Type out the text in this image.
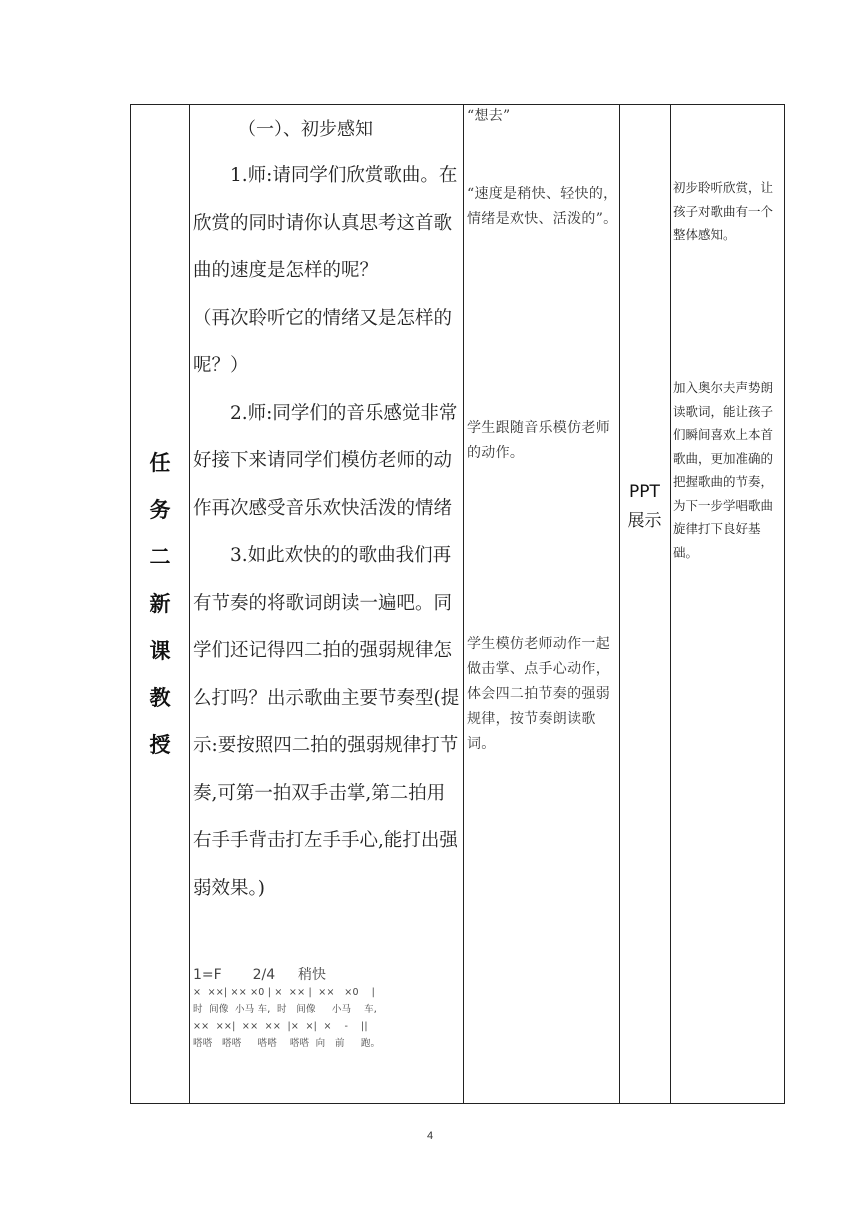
任
务
二
新
课
教
授
（一）、初步感知

1.师:请同学们欣赏歌曲。在欣赏的同时请你认真思考这首歌曲的速度是怎样的呢？

（再次聆听它的情绪又是怎样的呢？）

2.师:同学们的音乐感觉非常好接下来请同学们模仿老师的动作再次感受音乐欢快活泼的情绪

3.如此欢快的的歌曲我们再有节奏的将歌词朗读一遍吧。同学们还记得四二拍的强弱规律怎么打吗？出示歌曲主要节奏型(提示:要按照四二拍的强弱规律打节奏,可第一拍双手击掌,第二拍用右手手背击打左手手心,能打出强弱效果。)

1=F 2/4 稍快
×  ××| ×× ×0 | ×  ×× |  ××   ×0    |
时  间像  小马 车,  时   间像     小马    车,
××  ××|  ××  ××  |×  ×|  ×    -    ||
嗒嗒   嗒嗒     嗒嗒    嗒嗒  向   前     跑。

“想去”

“速度是稍快、轻快的，情绪是欢快、活泼的”。

学生跟随音乐模仿老师的动作。

学生模仿老师动作一起做击掌、点手心动作，体会四二拍节奏的强弱规律，按节奏朗读歌词。

PPT
展示

初步聆听欣赏，让孩子对歌曲有一个整体感知。

加入奥尔夫声势朗读歌词，能让孩子们瞬间喜欢上本首歌曲，更加准确的把握歌曲的节奏，为下一步学唱歌曲旋律打下良好基础。

4
